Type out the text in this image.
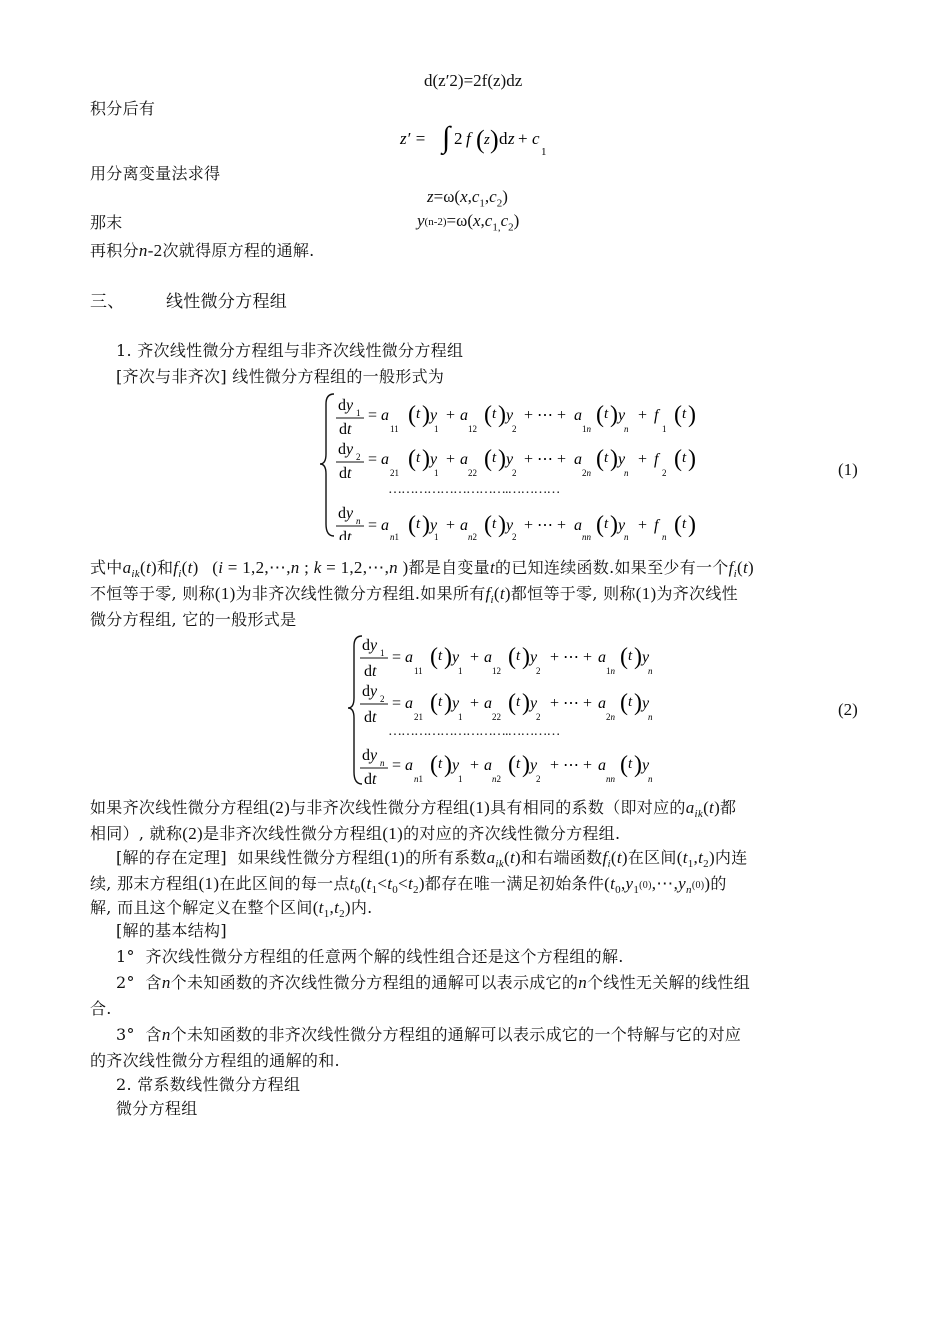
d(z′2)=2f(z)dz
积分后有
z′ = ∫ 2 f ( z ) d z + c
1
用分离变量法求得
$z=\omega(x,c_1,c_2)$
那末	$y(n-2)=\omega(x,c_{1,}c_2)$
再积分n-2次就得原方程的通解.
三、 线性微分方程组
1. 齐次线性微分方程组与非齐次线性微分方程组
[齐次与非齐次] 线性微分方程组的一般形式为
dy 1
dt
= a
11
( t ) y
1
+ a
12
( t ) y
2
+ ⋯ + a
1n
( t ) y
n
+ f
1
( t )
dy 2
dt
= a
21
( t ) y
1
+ a
22
( t ) y
2
+ ⋯ + a
2n
( t ) y
n
+ f
2
( t )
dy n
dt
= a
n1 ( t ) y
1
+ a
n2 ( t ) y
2
+ ⋯ + a
nn ( t ) y
n
+ f
n ( t )
……………………….…………
(1)
式中$a_{ik}(t)$和$f_i(t) (i$ = 1,2,⋯,n ; k = 1,2,⋯,n )都是自变量t的已知连续函数.如果至少有一个$f_i(t)$
不恒等于零, 则称(1)为非齐次线性微分方程组.如果所有$f_i(t)$都恒等于零, 则称(1)为齐次线性
微分方程组, 它的一般形式是
dy 1
dt
= a
11
( t ) y
1
+ a
12
( t ) y
2
+ ⋯ + a
1n
( t ) y
n
dy 2
dt
= a
21
( t ) y
1
+ a
22
( t ) y
2
+ ⋯ + a
2n
( t ) y
n
dy n
dt
= a
n1
( t ) y
1
+ a
n2
( t ) y
2
+ ⋯ + a
nn
( t ) y
n
……………………….…………
(2)
如果齐次线性微分方程组(2)与非齐次线性微分方程组(1)具有相同的系数（即对应的$a_{ik}(t)$都
相同）, 就称(2)是非齐次线性微分方程组(1)的对应的齐次线性微分方程组.
[解的存在定理]  如果线性微分方程组(1)的所有系数$a_{ik}(t)$和右端函数$f_i(t)$在区间$(t_1,t_2)$内连
续, 那末方程组(1)在此区间的每一点$t_0(t_1<t_0<t_2)$都存在唯一满足初始条件$(t_0,y_1(0),\cdots,y_n(0))$的
解, 而且这个解定义在整个区间$(t_1,t_2)$内.
[解的基本结构]
1°  齐次线性微分方程组的任意两个解的线性组合还是这个方程组的解.
2°  含n个未知函数的齐次线性微分方程组的通解可以表示成它的n个线性无关解的线性组
合.
3°  含n个未知函数的非齐次线性微分方程组的通解可以表示成它的一个特解与它的对应
的齐次线性微分方程组的通解的和.
2. 常系数线性微分方程组
微分方程组
